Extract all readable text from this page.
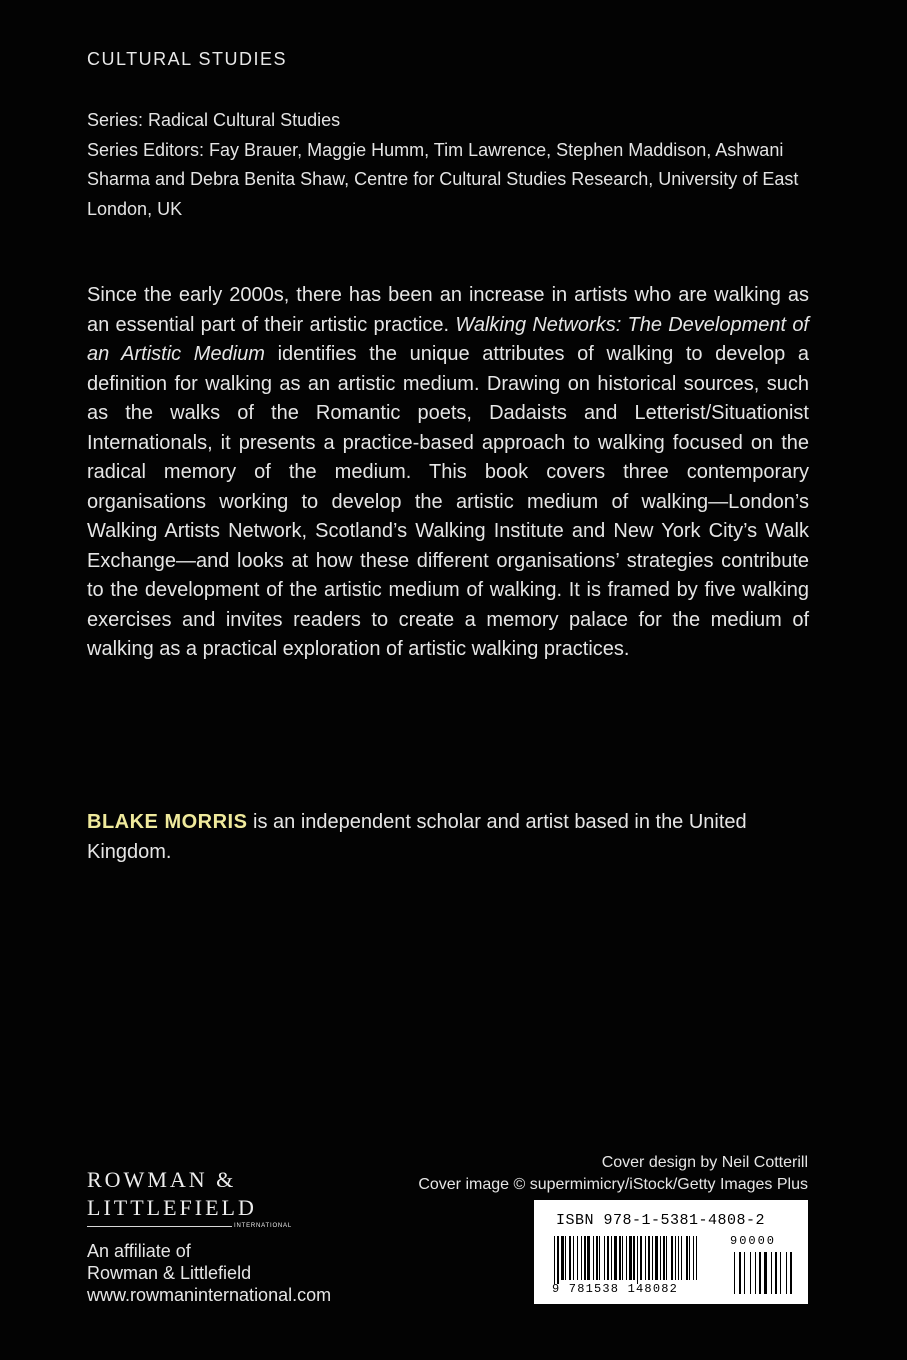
CULTURAL STUDIES

Series: Radical Cultural Studies

Series Editors: Fay Brauer, Maggie Humm, Tim Lawrence, Stephen Maddison, Ashwani Sharma and Debra Benita Shaw, Centre for Cultural Studies Research, University of East London, UK

Since the early 2000s, there has been an increase in artists who are walking as an essential part of their artistic practice. Walking Networks: The Development of an Artistic Medium identifies the unique attributes of walking to develop a definition for walking as an artistic medium. Drawing on historical sources, such as the walks of the Romantic poets, Dadaists and Letterist/Situationist Internationals, it presents a practice-based approach to walking focused on the radical memory of the medium. This book covers three contemporary organisations working to develop the artistic medium of walking—London’s Walking Artists Network, Scotland’s Walking Institute and New York City’s Walk Exchange—and looks at how these different organisations’ strategies contribute to the development of the artistic medium of walking. It is framed by five walking exercises and invites readers to create a memory palace for the medium of walking as a practical exploration of artistic walking practices.

BLAKE MORRIS is an independent scholar and artist based in the United Kingdom.

ROWMAN &
LITTLEFIELD
INTERNATIONAL
An affiliate of
Rowman & Littlefield
www.rowmaninternational.com
Cover design by Neil Cotterill
Cover image © supermimicry/iStock/Getty Images Plus
ISBN 978-1-5381-4808-2
9 781538 148082
90000
